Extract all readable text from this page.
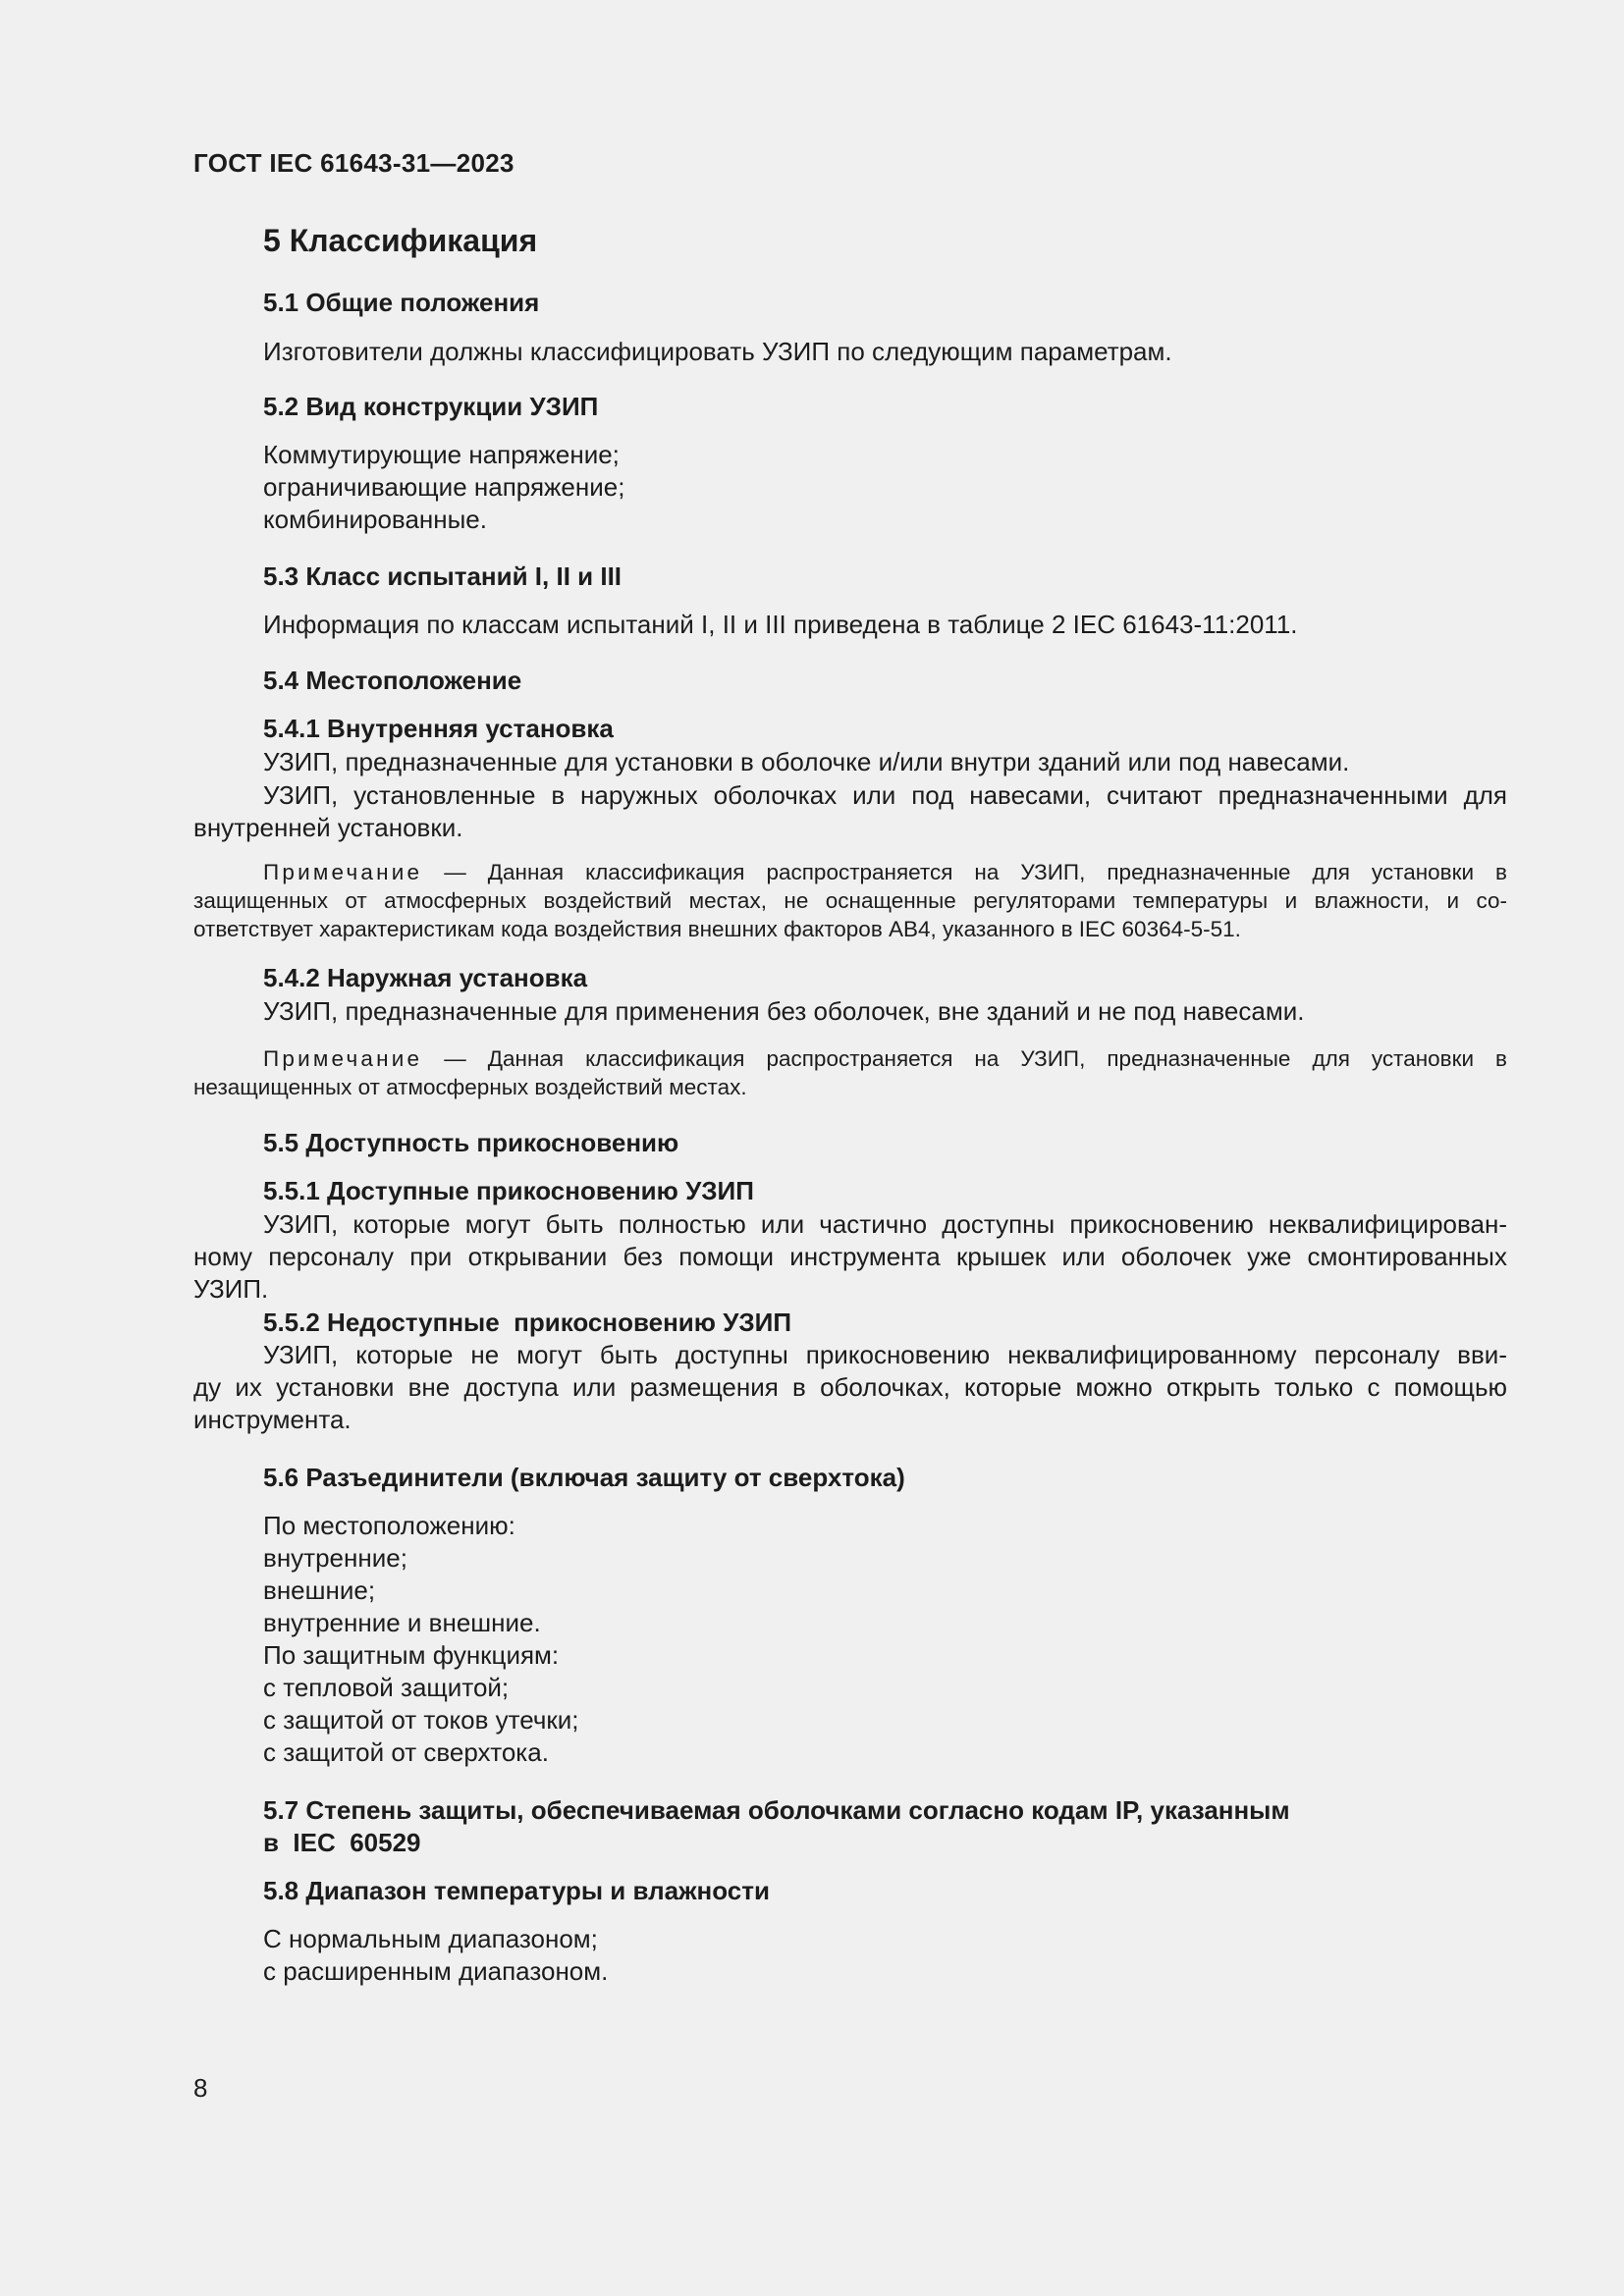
ГОСТ IEC 61643-31—2023
5 Классификация
5.1 Общие положения
Изготовители должны классифицировать УЗИП по следующим параметрам.
5.2 Вид конструкции УЗИП
Коммутирующие напряжение;
ограничивающие напряжение;
комбинированные.
5.3 Класс испытаний I, II и III
Информация по классам испытаний I, II и III приведена в таблице 2 IEC 61643-11:2011.
5.4 Местоположение
5.4.1 Внутренняя установка
УЗИП, предназначенные для установки в оболочке и/или внутри зданий или под навесами.
УЗИП, установленные в наружных оболочках или под навесами, считают предназначенными для
внутренней установки.
Примечание — Данная классификация распространяется на УЗИП, предназначенные для установки в
защищенных от атмосферных воздействий местах, не оснащенные регуляторами температуры и влажности, и со-
ответствует характеристикам кода воздействия внешних факторов АВ4, указанного в IEC 60364-5-51.
5.4.2 Наружная установка
УЗИП, предназначенные для применения без оболочек, вне зданий и не под навесами.
Примечание — Данная классификация распространяется на УЗИП, предназначенные для установки в
незащищенных от атмосферных воздействий местах.
5.5 Доступность прикосновению
5.5.1 Доступные прикосновению УЗИП
УЗИП, которые могут быть полностью или частично доступны прикосновению неквалифицирован-
ному персоналу при открывании без помощи инструмента крышек или оболочек уже смонтированных
УЗИП.
5.5.2 Недоступные  прикосновению УЗИП
УЗИП, которые не могут быть доступны прикосновению неквалифицированному персоналу вви-
ду их установки вне доступа или размещения в оболочках, которые можно открыть только с помощью
инструмента.
5.6 Разъединители (включая защиту от сверхтока)
По местоположению:
внутренние;
внешние;
внутренние и внешние.
По защитным функциям:
с тепловой защитой;
с защитой от токов утечки;
с защитой от сверхтока.
5.7 Степень защиты, обеспечиваемая оболочками согласно кодам IP, указанным
в  IEC  60529
5.8 Диапазон температуры и влажности
С нормальным диапазоном;
с расширенным диапазоном.
8
